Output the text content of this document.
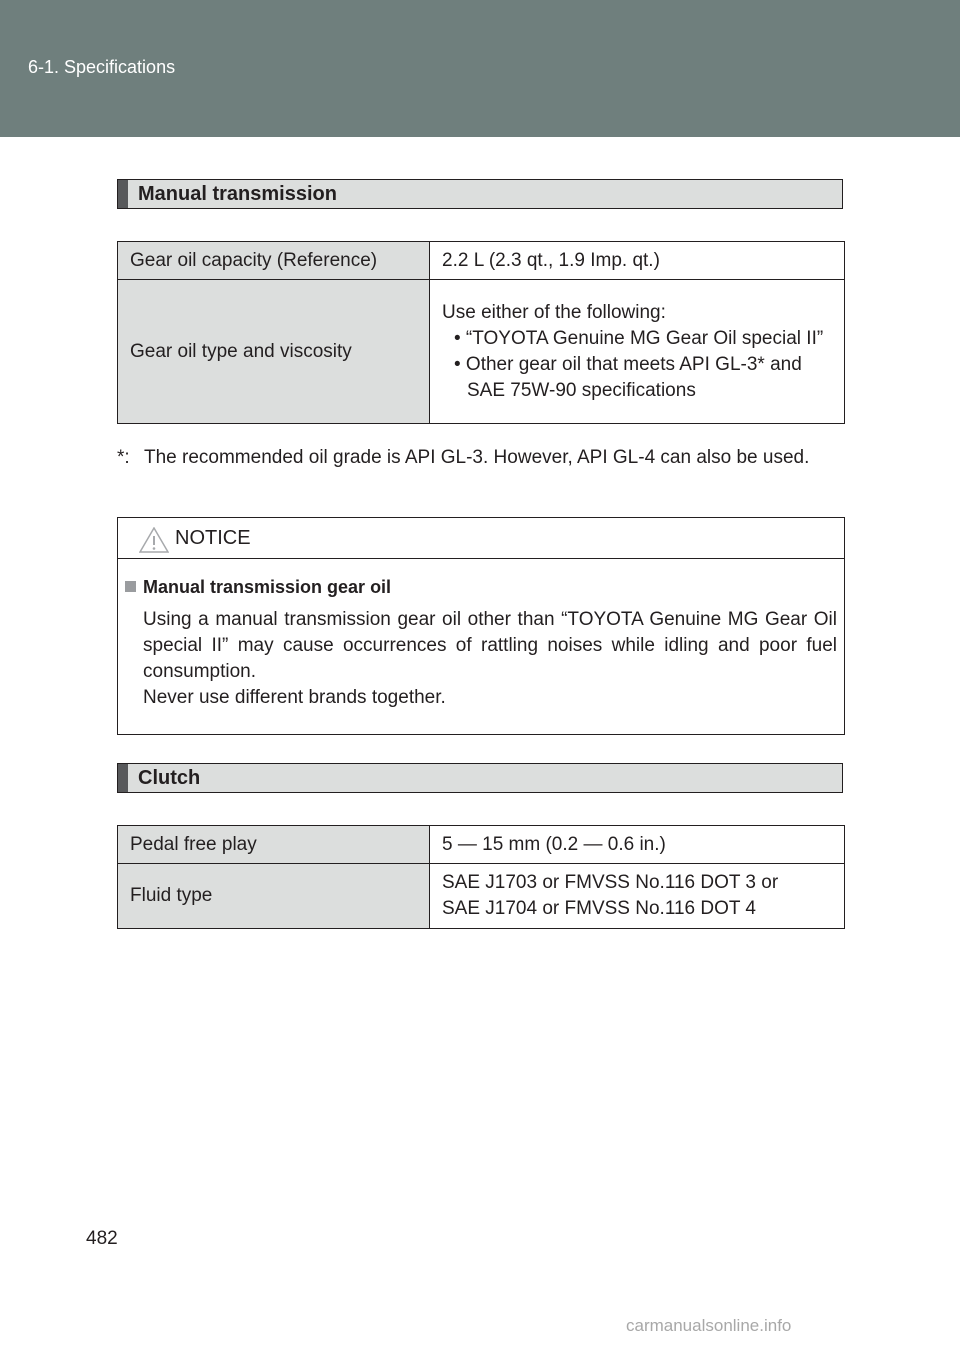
6-1. Specifications
Manual transmission
Gear oil capacity (Reference)	2.2 L (2.3 qt., 1.9 Imp. qt.)
Gear oil type and viscosity	Use either of the following:
• “TOYOTA Genuine MG Gear Oil special II”
• Other gear oil that meets API GL-3* and SAE 75W-90 specifications
*: The recommended oil grade is API GL-3. However, API GL-4 can also be used.
NOTICE
Manual transmission gear oil
Using a manual transmission gear oil other than “TOYOTA Genuine MG Gear Oil special II” may cause occurrences of rattling noises while idling and poor fuel consumption.
Never use different brands together.
Clutch
Pedal free play	5 — 15 mm (0.2 — 0.6 in.)
Fluid type	SAE J1703 or FMVSS No.116 DOT 3 or
SAE J1704 or FMVSS No.116 DOT 4
482
carmanualsonline.info
